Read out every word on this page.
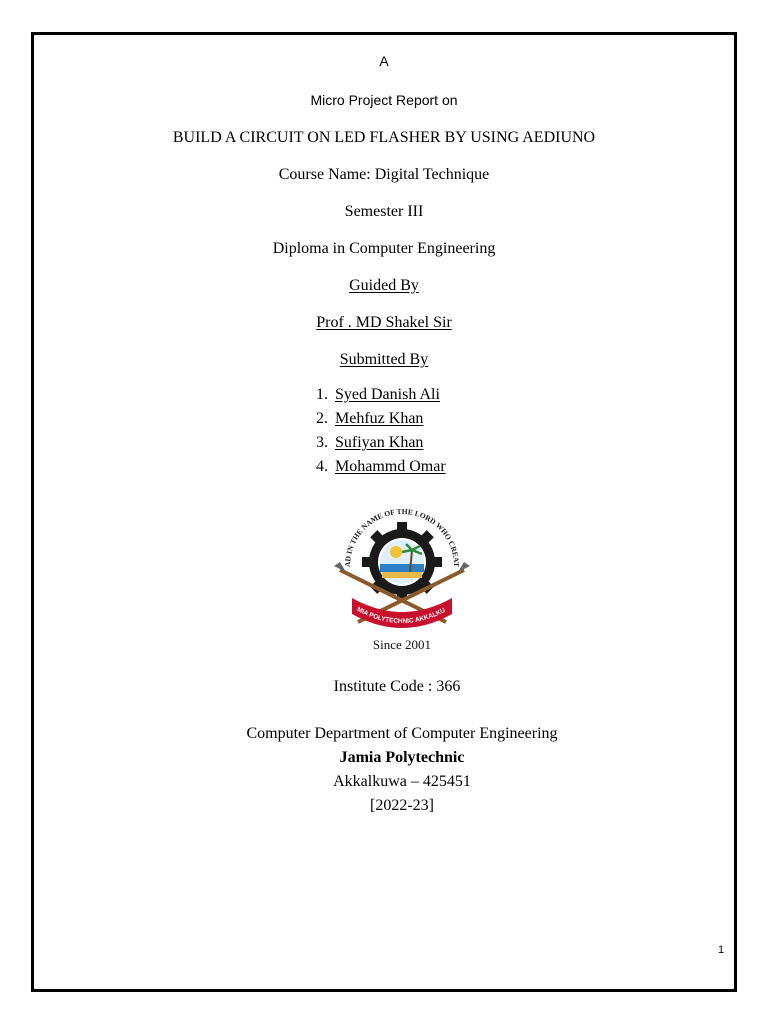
A
Micro Project Report on
BUILD A CIRCUIT ON LED FLASHER BY USING AEDIUNO
Course Name: Digital Technique
Semester III
Diploma in Computer Engineering
Guided By
Prof . MD Shakel Sir
Submitted By
1. Syed Danish Ali
2. Mehfuz Khan
3. Sufiyan Khan
4. Mohammd Omar
AD IN THE NAME OF THE LORD WHO CREAT
MIA POLYTECHNIC AKKALKU
Since 2001
Institute Code : 366
Computer Department of Computer Engineering
Jamia Polytechnic
Akkalkuwa – 425451
[2022-23]
1
